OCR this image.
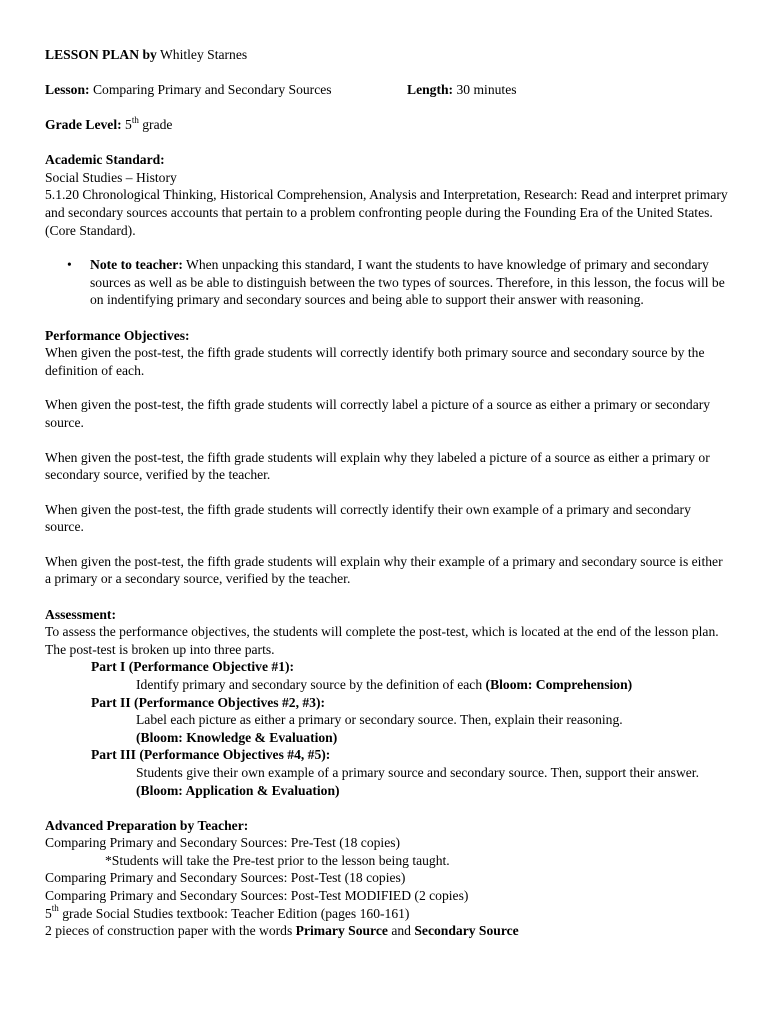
LESSON PLAN by Whitley Starnes

Lesson: Comparing Primary and Secondary Sources	Length: 30 minutes

Grade Level: 5th grade

Academic Standard:

Social Studies – History

5.1.20 Chronological Thinking, Historical Comprehension, Analysis and Interpretation, Research: Read and interpret primary and secondary sources accounts that pertain to a problem confronting people during the Founding Era of the United States. (Core Standard).

• Note to teacher: When unpacking this standard, I want the students to have knowledge of primary and secondary sources as well as be able to distinguish between the two types of sources. Therefore, in this lesson, the focus will be on indentifying primary and secondary sources and being able to support their answer with reasoning.

Performance Objectives:

When given the post-test, the fifth grade students will correctly identify both primary source and secondary source by the definition of each.

When given the post-test, the fifth grade students will correctly label a picture of a source as either a primary or secondary source.

When given the post-test, the fifth grade students will explain why they labeled a picture of a source as either a primary or secondary source, verified by the teacher.

When given the post-test, the fifth grade students will correctly identify their own example of a primary and secondary source.

When given the post-test, the fifth grade students will explain why their example of a primary and secondary source is either a primary or a secondary source, verified by the teacher.

Assessment:

To assess the performance objectives, the students will complete the post-test, which is located at the end of the lesson plan. The post-test is broken up into three parts.

Part I (Performance Objective #1):

Identify primary and secondary source by the definition of each (Bloom: Comprehension)

Part II (Performance Objectives #2, #3):

Label each picture as either a primary or secondary source. Then, explain their reasoning.

(Bloom: Knowledge & Evaluation)

Part III (Performance Objectives #4, #5):

Students give their own example of a primary source and secondary source. Then, support their answer. (Bloom: Application & Evaluation)

Advanced Preparation by Teacher:

Comparing Primary and Secondary Sources: Pre-Test (18 copies)

*Students will take the Pre-test prior to the lesson being taught.

Comparing Primary and Secondary Sources: Post-Test (18 copies)

Comparing Primary and Secondary Sources: Post-Test MODIFIED (2 copies)

5th grade Social Studies textbook: Teacher Edition (pages 160-161)

2 pieces of construction paper with the words Primary Source and Secondary Source
